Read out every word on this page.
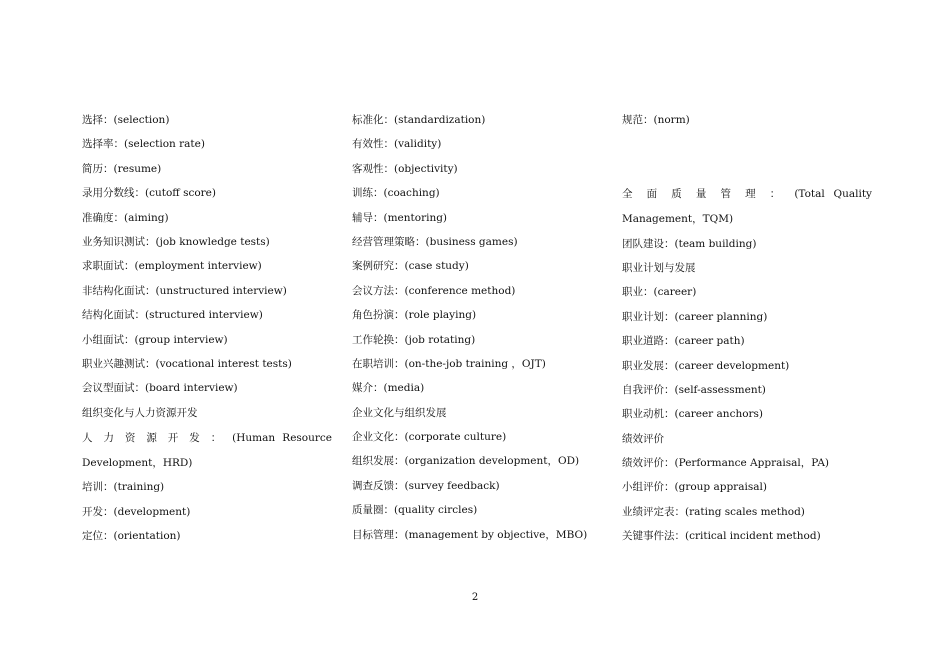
选择：(selection)
选择率：(selection rate)
简历：(resume)
录用分数线：(cutoff score)
准确度：(aiming)
业务知识测试：(job knowledge tests)
求职面试：(employment interview)
非结构化面试：(unstructured interview)
结构化面试：(structured interview)
小组面试：(group interview)
职业兴趣测试：(vocational interest tests)
会议型面试：(board interview)
组织变化与人力资源开发
人 力 资 源 开 发 ： (Human Resource
Development，HRD)
培训：(training)
开发：(development)
定位：(orientation)
标准化：(standardization)
有效性：(validity)
客观性：(objectivity)
训练：(coaching)
辅导：(mentoring)
经营管理策略：(business games)
案例研究：(case study)
会议方法：(conference method)
角色扮演：(role playing)
工作轮换：(job rotating)
在职培训：(on-the-job training ，OJT)
媒介：(media)
企业文化与组织发展
企业文化：(corporate culture)
组织发展：(organization development，OD)
调查反馈：(survey feedback)
质量圈：(quality circles)
目标管理：(management by objective，MBO)
规范：(norm)
全 面 质 量 管 理 ： (Total Quality
Management，TQM)
团队建设：(team building)
职业计划与发展
职业：(career)
职业计划：(career planning)
职业道路：(career path)
职业发展：(career development)
自我评价：(self-assessment)
职业动机：(career anchors)
绩效评价
绩效评价：(Performance Appraisal，PA)
小组评价：(group appraisal)
业绩评定表：(rating scales method)
关键事件法：(critical incident method)
2
